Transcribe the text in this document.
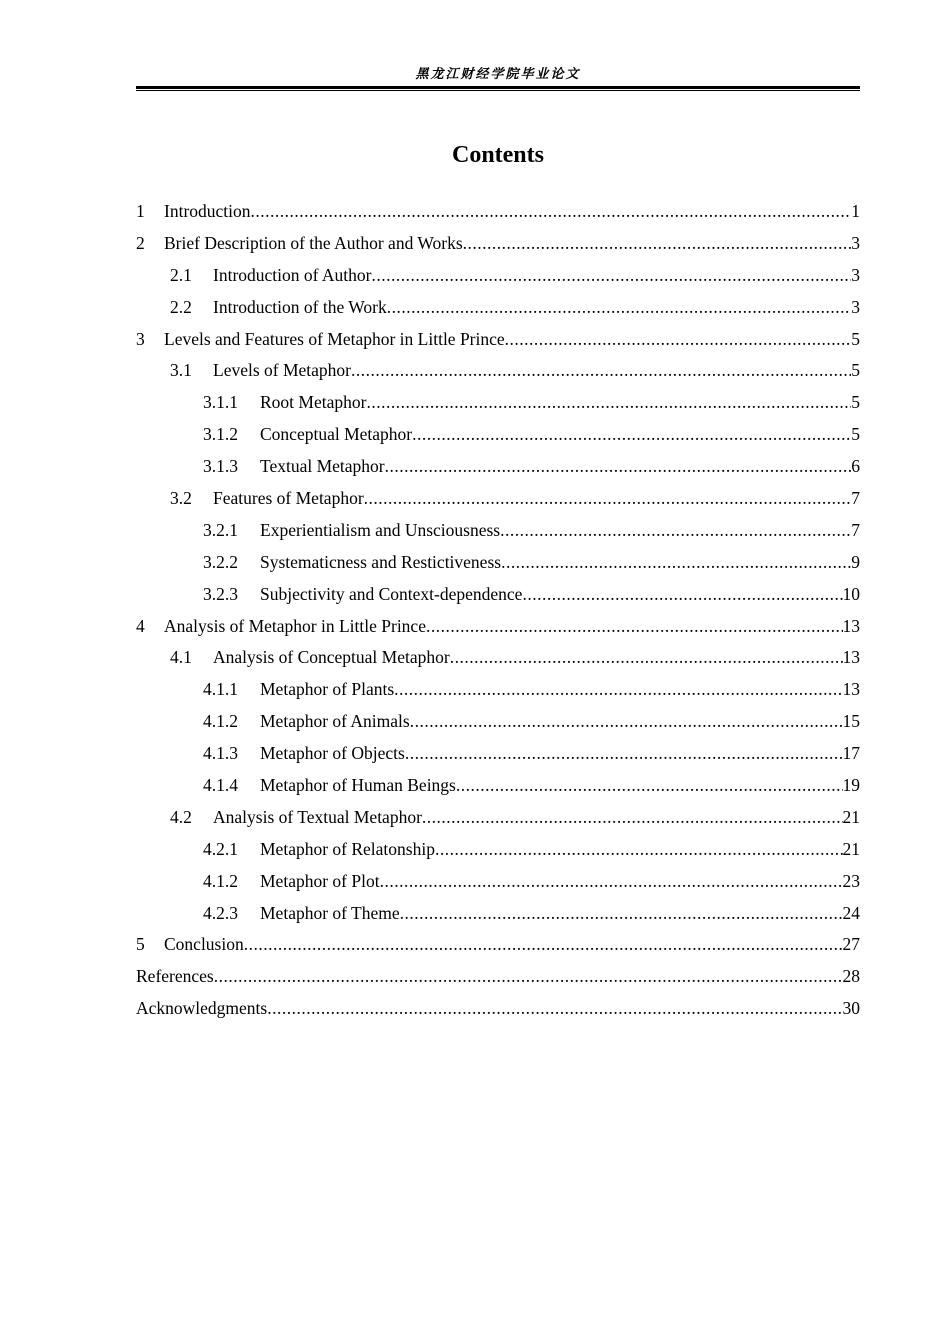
黑龙江财经学院毕业论文
Contents
1	Introduction .....	1
2	Brief Description of the Author and Works .....	3
2.1	Introduction of Author .....	3
2.2	Introduction of the Work .....	3
3	Levels and Features of Metaphor in Little Prince .....	5
3.1	Levels of Metaphor .....	5
3.1.1	Root Metaphor .....	5
3.1.2	Conceptual Metaphor .....	5
3.1.3	Textual Metaphor .....	6
3.2	Features of Metaphor .....	7
3.2.1	Experientialism and Unsciousness .....	7
3.2.2	Systematicness and Restictiveness .....	9
3.2.3	Subjectivity and Context-dependence .....	10
4	Analysis of Metaphor in Little Prince .....	13
4.1	Analysis of Conceptual Metaphor .....	13
4.1.1	Metaphor of Plants .....	13
4.1.2	Metaphor of Animals .....	15
4.1.3	Metaphor of Objects .....	17
4.1.4	Metaphor of Human Beings .....	19
4.2	Analysis of Textual Metaphor .....	21
4.2.1	Metaphor of Relatonship .....	21
4.1.2	Metaphor of Plot .....	23
4.2.3	Metaphor of Theme .....	24
5	Conclusion .....	27
References .....	28
Acknowledgments .....	30
